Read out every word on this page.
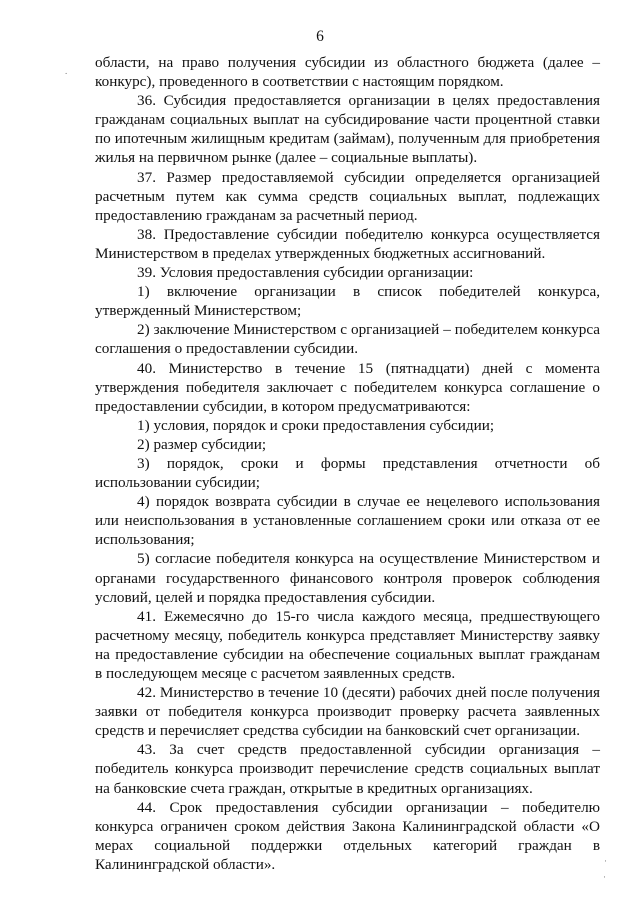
6

области, на право получения субсидии из областного бюджета (далее – конкурс), проведенного в соответствии с настоящим порядком.

36. Субсидия предоставляется организации в целях предоставления гражданам социальных выплат на субсидирование части процентной ставки по ипотечным жилищным кредитам (займам), полученным для приобретения жилья на первичном рынке (далее – социальные выплаты).

37. Размер предоставляемой субсидии определяется организацией расчетным путем как сумма средств социальных выплат, подлежащих предоставлению гражданам за расчетный период.

38. Предоставление субсидии победителю конкурса осуществляется Министерством в пределах утвержденных бюджетных ассигнований.

39. Условия предоставления субсидии организации:

1) включение организации в список победителей конкурса, утвержденный Министерством;

2) заключение Министерством с организацией – победителем конкурса соглашения о предоставлении субсидии.

40. Министерство в течение 15 (пятнадцати) дней с момента утверждения победителя заключает с победителем конкурса соглашение о предоставлении субсидии, в котором предусматриваются:

1) условия, порядок и сроки предоставления субсидии;

2) размер субсидии;

3) порядок, сроки и формы представления отчетности об использовании субсидии;

4) порядок возврата субсидии в случае ее нецелевого использования или неиспользования в установленные соглашением сроки или отказа от ее использования;

5) согласие победителя конкурса на осуществление Министерством и органами государственного финансового контроля проверок соблюдения условий, целей и порядка предоставления субсидии.

41. Ежемесячно до 15-го числа каждого месяца, предшествующего расчетному месяцу, победитель конкурса представляет Министерству заявку на предоставление субсидии на обеспечение социальных выплат гражданам в последующем месяце с расчетом заявленных средств.

42. Министерство в течение 10 (десяти) рабочих дней после получения заявки от победителя конкурса производит проверку расчета заявленных средств и перечисляет средства субсидии на банковский счет организации.

43. За счет средств предоставленной субсидии организация – победитель конкурса производит перечисление средств социальных выплат на банковские счета граждан, открытые в кредитных организациях.

44. Срок предоставления субсидии организации – победителю конкурса ограничен сроком действия Закона Калининградской области «О мерах социальной поддержки отдельных категорий граждан в Калининградской области».

.
·
·
